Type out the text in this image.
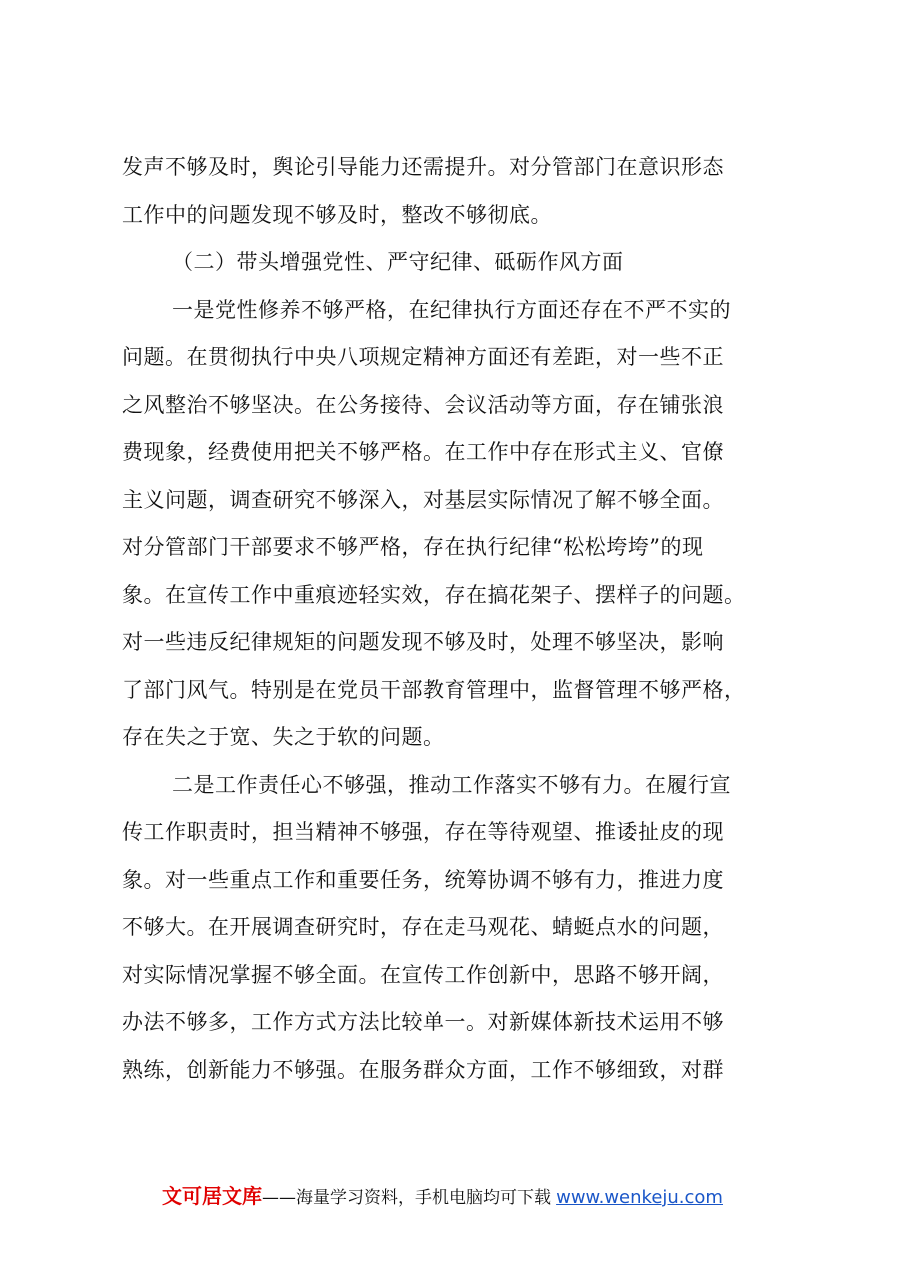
发声不够及时，舆论引导能力还需提升。对分管部门在意识形态
工作中的问题发现不够及时，整改不够彻底。
（二）带头增强党性、严守纪律、砥砺作风方面
一是党性修养不够严格，在纪律执行方面还存在不严不实的
问题。在贯彻执行中央八项规定精神方面还有差距，对一些不正
之风整治不够坚决。在公务接待、会议活动等方面，存在铺张浪
费现象，经费使用把关不够严格。在工作中存在形式主义、官僚
主义问题，调查研究不够深入，对基层实际情况了解不够全面。
对分管部门干部要求不够严格，存在执行纪律“松松垮垮”的现
象。在宣传工作中重痕迹轻实效，存在搞花架子、摆样子的问题。
对一些违反纪律规矩的问题发现不够及时，处理不够坚决，影响
了部门风气。特别是在党员干部教育管理中，监督管理不够严格，
存在失之于宽、失之于软的问题。
二是工作责任心不够强，推动工作落实不够有力。在履行宣
传工作职责时，担当精神不够强，存在等待观望、推诿扯皮的现
象。对一些重点工作和重要任务，统筹协调不够有力，推进力度
不够大。在开展调查研究时，存在走马观花、蜻蜓点水的问题，
对实际情况掌握不够全面。在宣传工作创新中，思路不够开阔，
办法不够多，工作方式方法比较单一。对新媒体新技术运用不够
熟练，创新能力不够强。在服务群众方面，工作不够细致，对群
文可居文库——海量学习资料，手机电脑均可下载 www.wenkeju.com
